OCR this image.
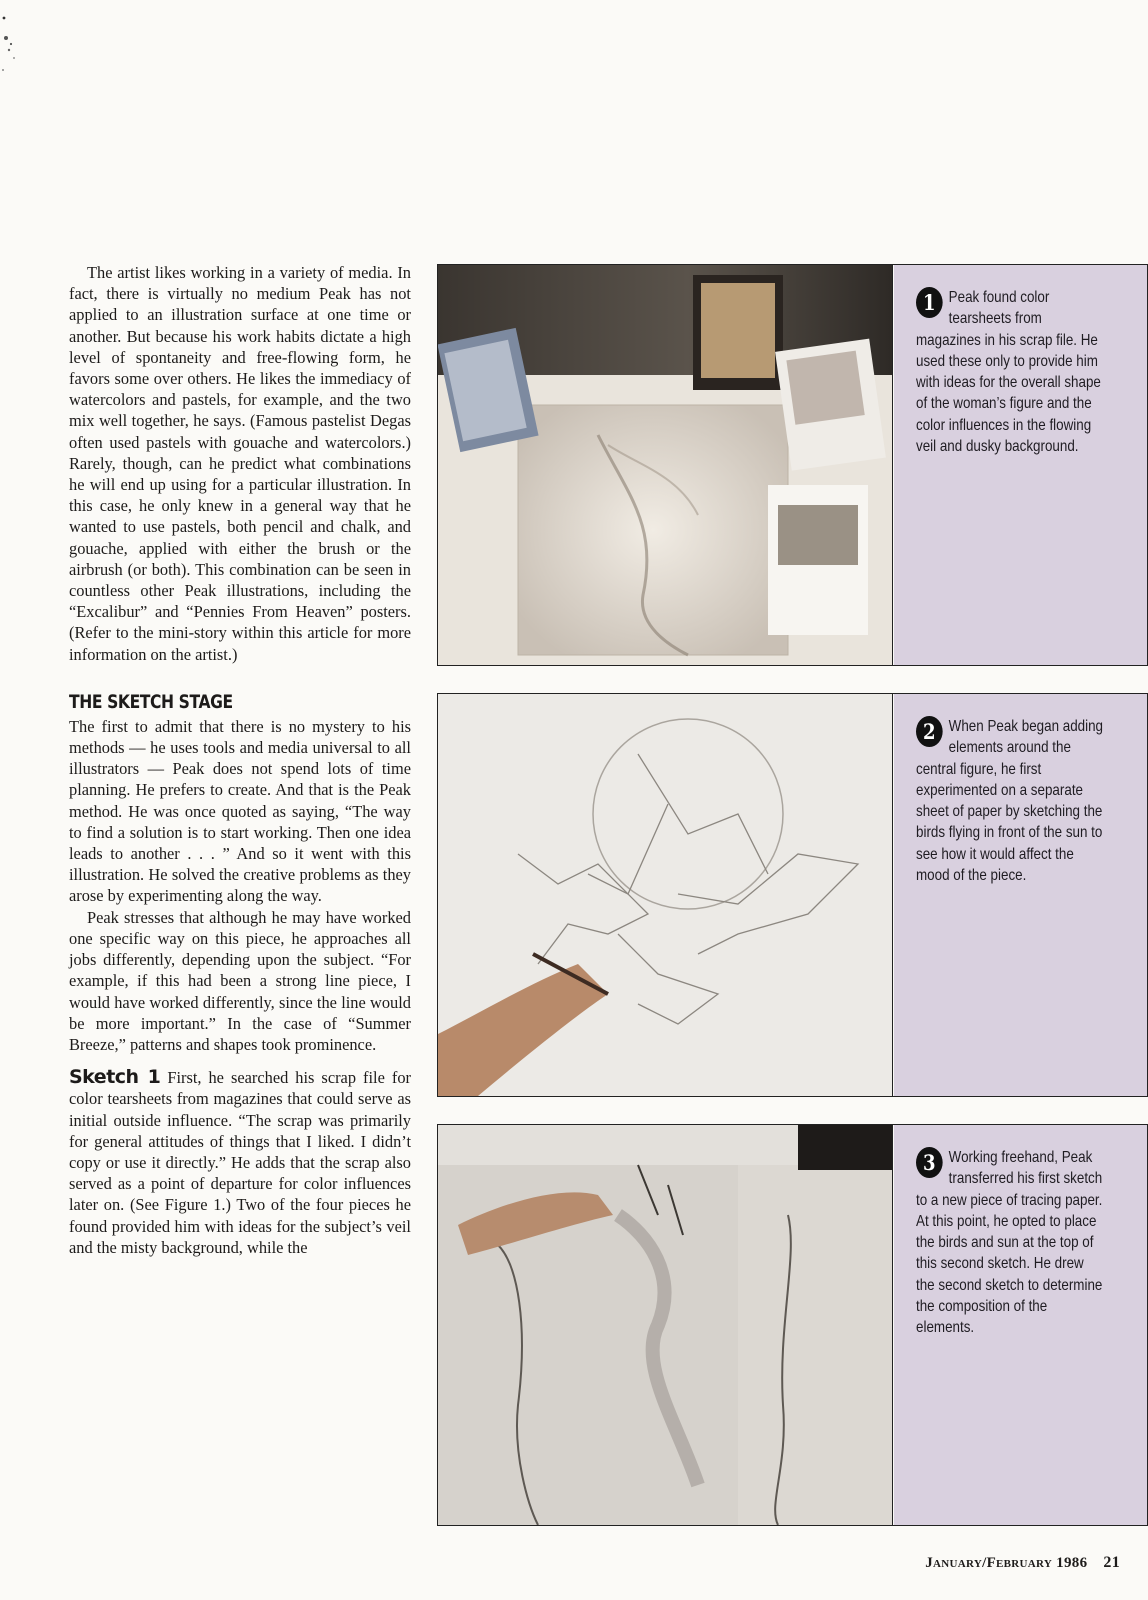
The artist likes working in a variety of media. In fact, there is virtually no medium Peak has not applied to an illustration surface at one time or another. But because his work habits dictate a high level of spontaneity and free-flowing form, he favors some over others. He likes the immediacy of watercolors and pastels, for example, and the two mix well together, he says. (Famous pastelist Degas often used pastels with gouache and watercolors.) Rarely, though, can he predict what combinations he will end up using for a particular illustration. In this case, he only knew in a general way that he wanted to use pastels, both pencil and chalk, and gouache, applied with either the brush or the airbrush (or both). This combination can be seen in countless other Peak illustrations, including the “Excalibur” and “Pennies From Heaven” posters. (Refer to the mini-story within this article for more information on the artist.)

THE SKETCH STAGE

The first to admit that there is no mystery to his methods — he uses tools and media universal to all illustrators — Peak does not spend lots of time planning. He prefers to create. And that is the Peak method. He was once quoted as saying, “The way to find a solution is to start working. Then one idea leads to another . . . ” And so it went with this illustration. He solved the creative problems as they arose by experimenting along the way.

Peak stresses that although he may have worked one specific way on this piece, he approaches all jobs differently, depending upon the subject. “For example, if this had been a strong line piece, I would have worked differently, since the line would be more important.” In the case of “Summer Breeze,” patterns and shapes took prominence.

Sketch 1 First, he searched his scrap file for color tearsheets from magazines that could serve as initial outside influence. “The scrap was primarily for general attitudes of things that I liked. I didn’t copy or use it directly.” He adds that the scrap also served as a point of departure for color influences later on. (See Figure 1.) Two of the four pieces he found provided him with ideas for the subject’s veil and the misty background, while the

1 Peak found color tearsheets from magazines in his scrap file. He used these only to provide him with ideas for the overall shape of the woman’s figure and the color influences in the flowing veil and dusky background.
2 When Peak began adding elements around the central figure, he first experimented on a separate sheet of paper by sketching the birds flying in front of the sun to see how it would affect the mood of the piece.
3 Working freehand, Peak transferred his first sketch to a new piece of tracing paper. At this point, he opted to place the birds and sun at the top of this second sketch. He drew the second sketch to determine the composition of the elements.
January/February 1986 21
